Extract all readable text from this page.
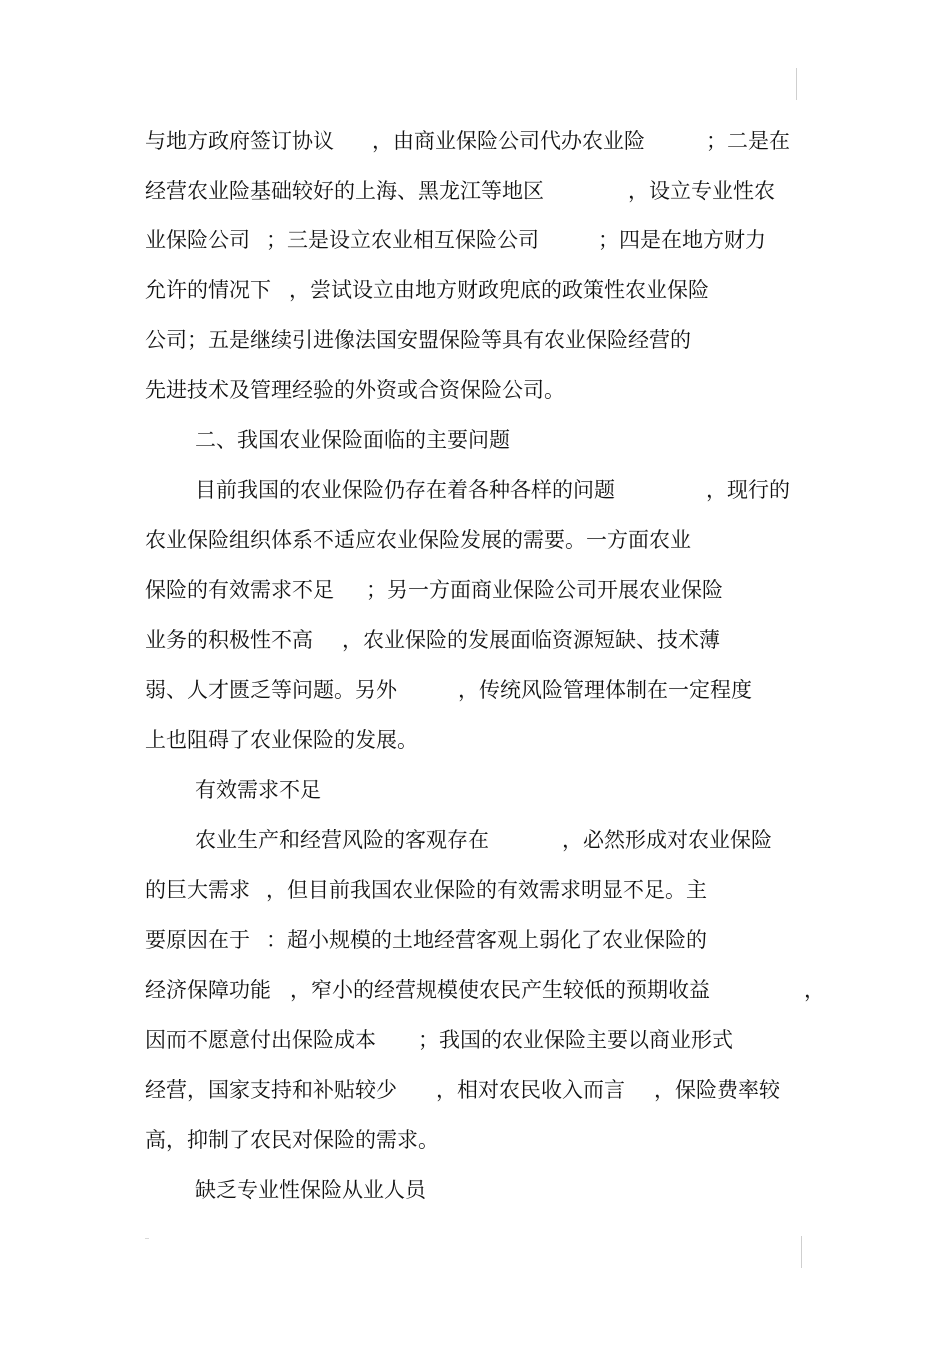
与地方政府签订协议 ，由商业保险公司代办农业险	；二是在
经营农业险基础较好的上海、黑龙江等地区	，设立专业性农
业保险公司 ；三是设立农业相互保险公司	；四是在地方财力
允许的情况下 ，尝试设立由地方财政兜底的政策性农业保险
公司；五是继续引进像法国安盟保险等具有农业保险经营的
先进技术及管理经验的外资或合资保险公司。
二、我国农业保险面临的主要问题
目前我国的农业保险仍存在着各种各样的问题	，现行的
农业保险组织体系不适应农业保险发展的需要。一方面农业
保险的有效需求不足 ；另一方面商业保险公司开展农业保险
业务的积极性不高 ，农业保险的发展面临资源短缺、技术薄
弱、人才匮乏等问题。另外	，传统风险管理体制在一定程度
上也阻碍了农业保险的发展。
有效需求不足
农业生产和经营风险的客观存在	，必然形成对农业保险
的巨大需求 ，但目前我国农业保险的有效需求明显不足。主
要原因在于 ：超小规模的土地经营客观上弱化了农业保险的
经济保障功能 ，窄小的经营规模使农民产生较低的预期收益	，
因而不愿意付出保险成本 ；我国的农业保险主要以商业形式
经营，国家支持和补贴较少 ，相对农民收入而言 ，保险费率较
高，抑制了农民对保险的需求。
缺乏专业性保险从业人员
